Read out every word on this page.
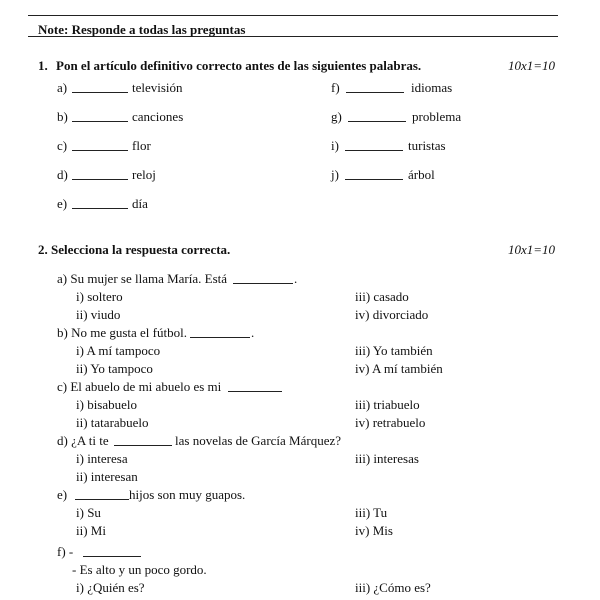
Note: Responde a todas las preguntas
1. Pon el artículo definitivo correcto antes de las siguientes palabras.	10x1=10
a)	televisión
b)	canciones
c)	flor
d)	reloj
e)	día
f)	idiomas
g)	problema
i)	turistas
j)	árbol
2. Selecciona la respuesta correcta.	10x1=10
a) Su mujer se llama María. Está	.
i) soltero
ii) viudo
iii) casado
iv) divorciado
b) No me gusta el fútbol.	.
i) A mí tampoco
ii) Yo tampoco
iii) Yo también
iv) A mí también
c) El abuelo de mi abuelo es mi
i) bisabuelo
ii) tatarabuelo
iii) triabuelo
iv) retrabuelo
d) ¿A ti te	las novelas de García Márquez?
i) interesa
ii) interesan
iii) interesas
e)	hijos son muy guapos.
i) Su
ii) Mi
iii) Tu
iv) Mis
f) -
- Es alto y un poco gordo.
i) ¿Quién es?	iii) ¿Cómo es?
